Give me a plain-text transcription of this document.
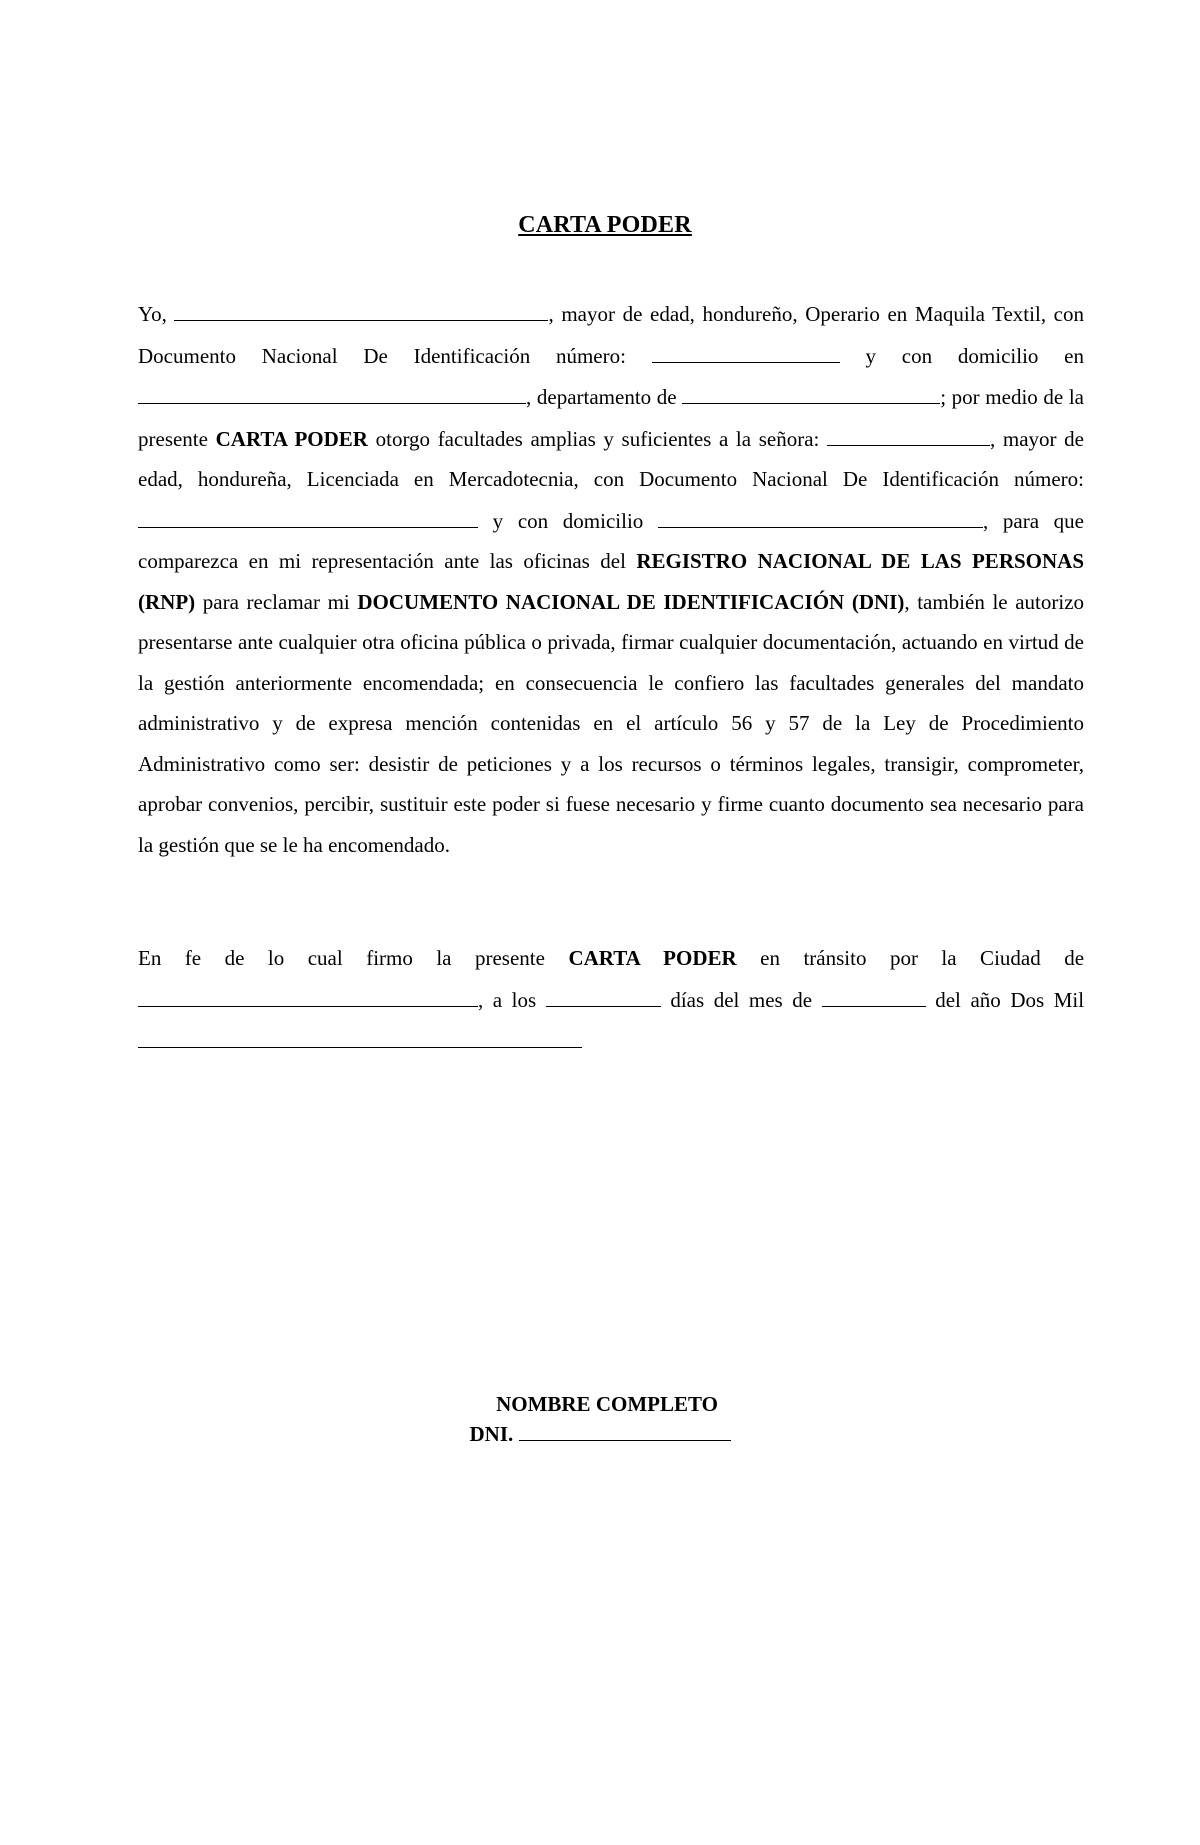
CARTA PODER
Yo,	, mayor de edad, hondureño, Operario en Maquila Textil, con Documento Nacional De Identificación número:	y con domicilio en , departamento de	; por medio de la presente CARTA PODER otorgo facultades amplias y suficientes a la señora:	, mayor de edad, hondureña, Licenciada en Mercadotecnia, con Documento Nacional De Identificación número:  y con domicilio	, para que comparezca en mi representación ante las oficinas del REGISTRO NACIONAL DE LAS PERSONAS (RNP) para reclamar mi DOCUMENTO NACIONAL DE IDENTIFICACIÓN (DNI), también le autorizo presentarse ante cualquier otra oficina pública o privada, firmar cualquier documentación, actuando en virtud de la gestión anteriormente encomendada; en consecuencia le confiero las facultades generales del mandato administrativo y de expresa mención contenidas en el artículo 56 y 57 de la Ley de Procedimiento Administrativo como ser: desistir de peticiones y a los recursos o términos legales, transigir, comprometer, aprobar convenios, percibir, sustituir este poder si fuese necesario y firme cuanto documento sea necesario para la gestión que se le ha encomendado.
En fe de lo cual firmo la presente CARTA PODER en tránsito por la Ciudad de , a los	días del mes de	del año Dos Mil
NOMBRE COMPLETO
DNI.
